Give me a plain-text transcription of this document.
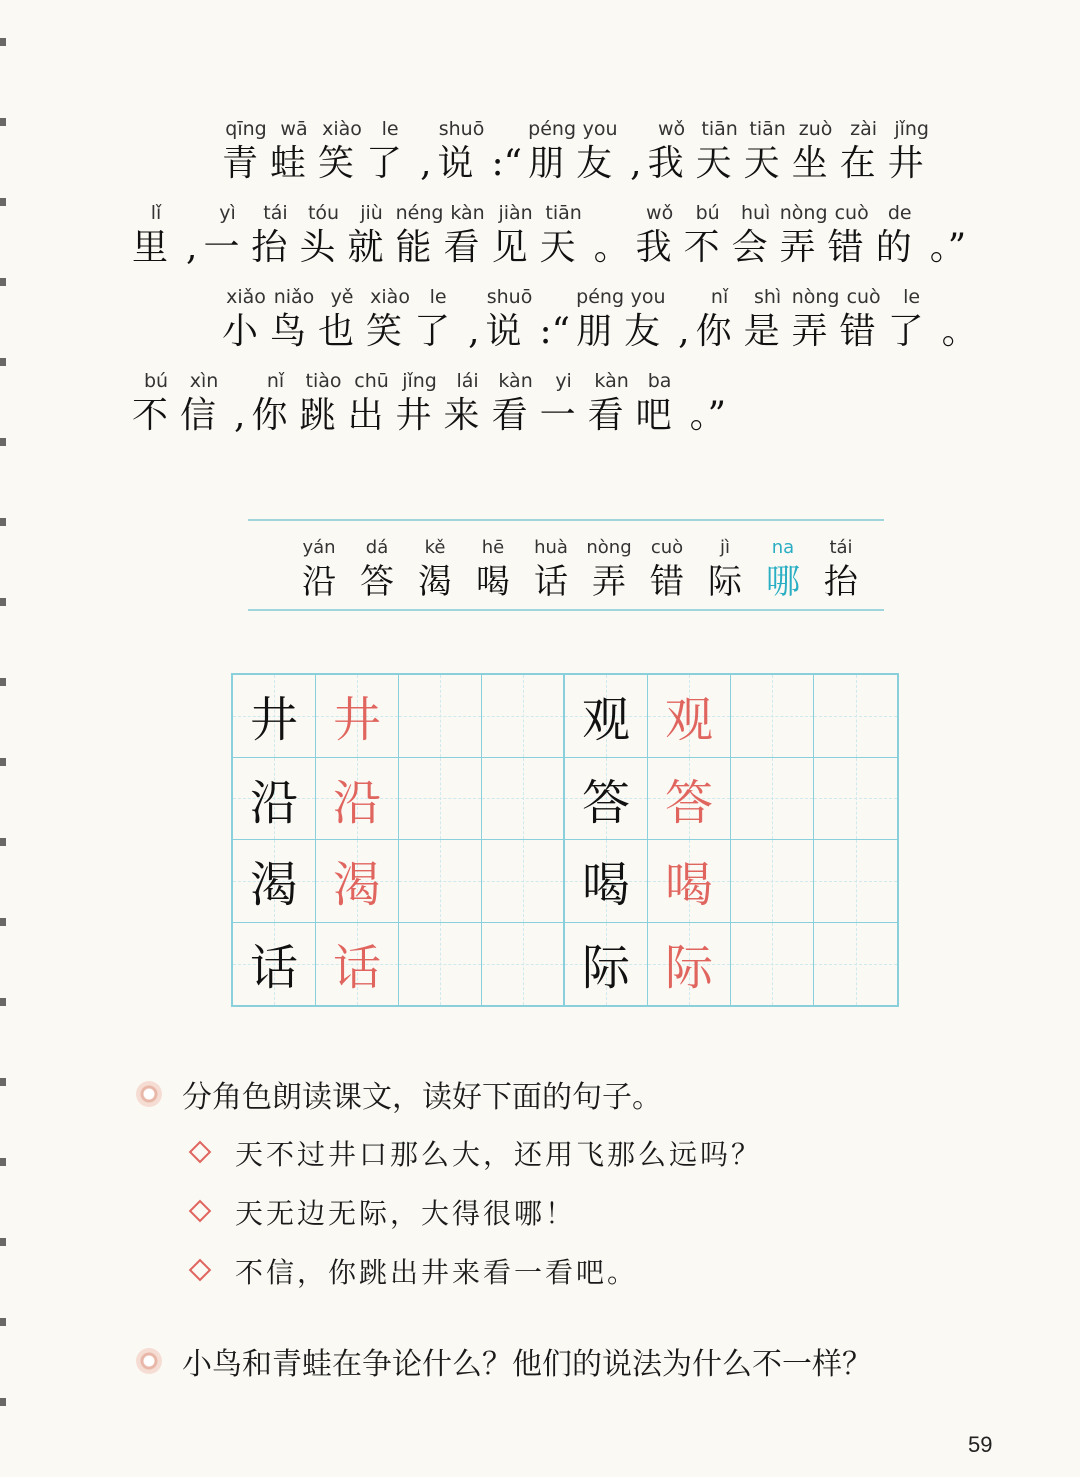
qīng
青
wā
蛙
xiào
笑
le
了 ,
shuō
说 :“
péng
朋
you
友 ,
wǒ
我
tiān
天
tiān
天
zuò
坐
zài
在
jǐng
井
lǐ
里 ,
yì
一
tái
抬
tóu
头
jiù
就
néng
能
kàn
看
jiàn
见
tiān
天 。
wǒ
我
bú
不
huì
会
nòng
弄
cuò
错
de
的 。”
xiǎo
小
niǎo
鸟
yě
也
xiào
笑
le
了 ,
shuō
说 :“
péng
朋
you
友 ,
nǐ
你
shì
是
nòng
弄
cuò
错
le
了 。
bú
不
xìn
信 ,
nǐ
你
tiào
跳
chū
出
jǐng
井
lái
来
kàn
看
yi
一
kàn
看
ba
吧 。”
yán
沿
dá
答
kě
渴
hē
喝
huà
话
nòng
弄
cuò
错
jì
际
na
哪
tái
抬
井 井	观 观
沿 沿	答 答
渴 渴	喝 喝
话 话	际 际
分角色朗读课文，读好下面的句子。
天不过井口那么大，还用飞那么远吗？
天无边无际，大得很哪！
不信，你跳出井来看一看吧。
小鸟和青蛙在争论什么？他们的说法为什么不一样？
59
